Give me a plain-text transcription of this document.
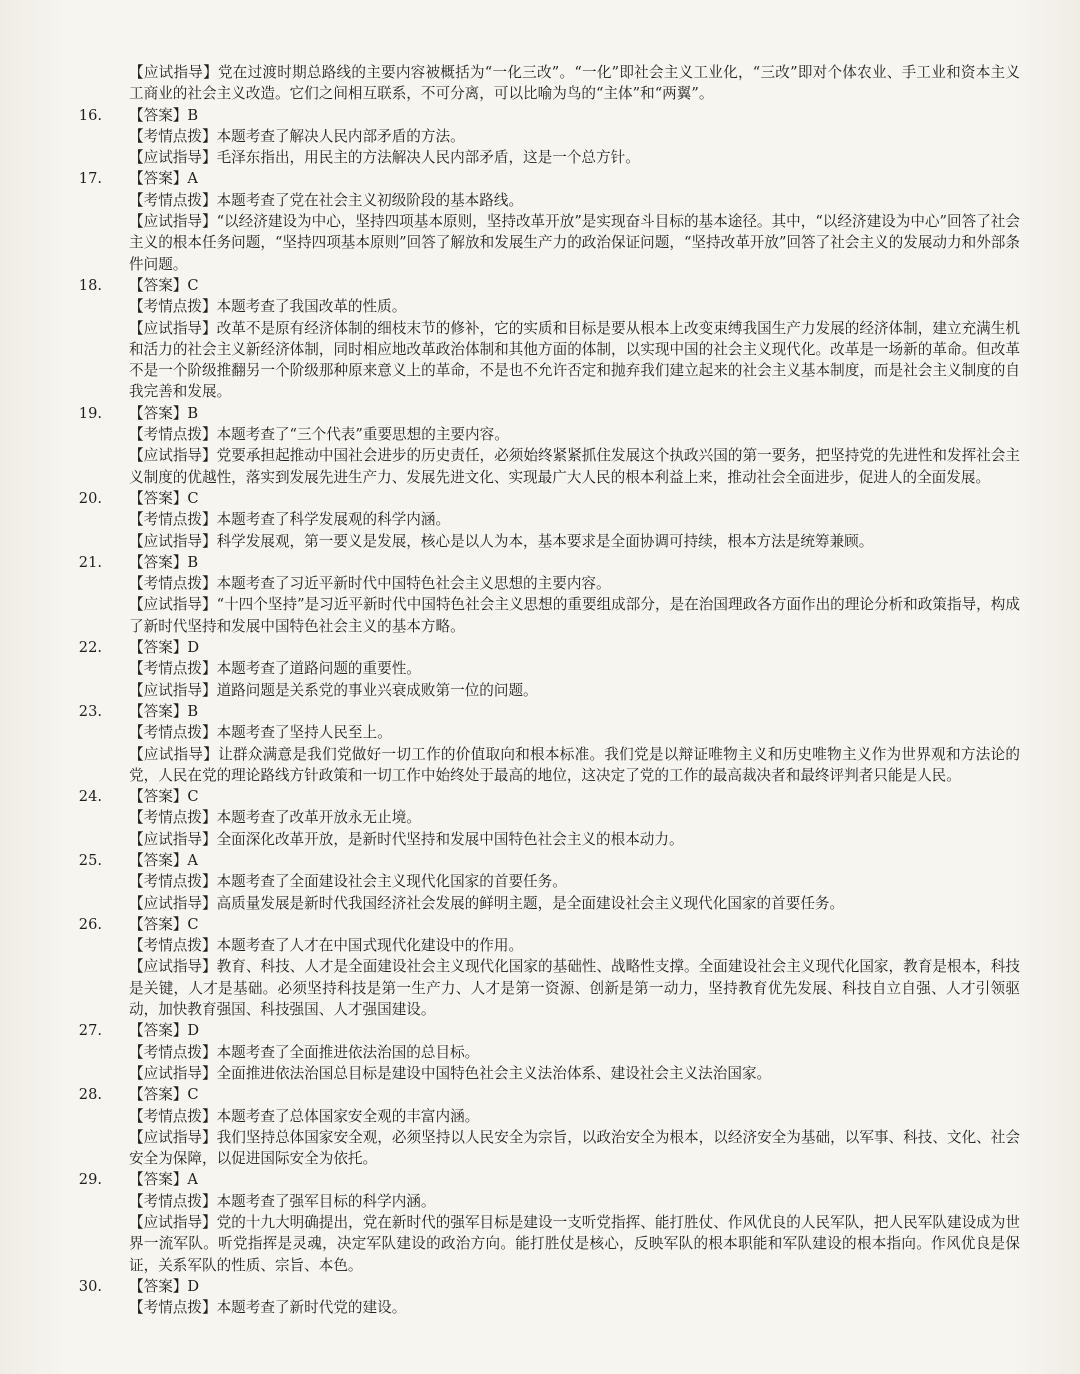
【应试指导】党在过渡时期总路线的主要内容被概括为“一化三改”。“一化”即社会主义工业化，“三改”即对个体农业、手工业和资本主义工商业的社会主义改造。它们之间相互联系，不可分离，可以比喻为鸟的“主体”和“两翼”。
16. 【答案】B
【考情点拨】本题考查了解决人民内部矛盾的方法。
【应试指导】毛泽东指出，用民主的方法解决人民内部矛盾，这是一个总方针。
17. 【答案】A
【考情点拨】本题考查了党在社会主义初级阶段的基本路线。
【应试指导】“以经济建设为中心，坚持四项基本原则，坚持改革开放”是实现奋斗目标的基本途径。其中，“以经济建设为中心”回答了社会主义的根本任务问题，“坚持四项基本原则”回答了解放和发展生产力的政治保证问题，“坚持改革开放”回答了社会主义的发展动力和外部条件问题。
18. 【答案】C
【考情点拨】本题考查了我国改革的性质。
【应试指导】改革不是原有经济体制的细枝末节的修补，它的实质和目标是要从根本上改变束缚我国生产力发展的经济体制，建立充满生机和活力的社会主义新经济体制，同时相应地改革政治体制和其他方面的体制，以实现中国的社会主义现代化。改革是一场新的革命。但改革不是一个阶级推翻另一个阶级那种原来意义上的革命，不是也不允许否定和抛弃我们建立起来的社会主义基本制度，而是社会主义制度的自我完善和发展。
19. 【答案】B
【考情点拨】本题考查了“三个代表”重要思想的主要内容。
【应试指导】党要承担起推动中国社会进步的历史责任，必须始终紧紧抓住发展这个执政兴国的第一要务，把坚持党的先进性和发挥社会主义制度的优越性，落实到发展先进生产力、发展先进文化、实现最广大人民的根本利益上来，推动社会全面进步，促进人的全面发展。
20. 【答案】C
【考情点拨】本题考查了科学发展观的科学内涵。
【应试指导】科学发展观，第一要义是发展，核心是以人为本，基本要求是全面协调可持续，根本方法是统筹兼顾。
21. 【答案】B
【考情点拨】本题考查了习近平新时代中国特色社会主义思想的主要内容。
【应试指导】“十四个坚持”是习近平新时代中国特色社会主义思想的重要组成部分，是在治国理政各方面作出的理论分析和政策指导，构成了新时代坚持和发展中国特色社会主义的基本方略。
22. 【答案】D
【考情点拨】本题考查了道路问题的重要性。
【应试指导】道路问题是关系党的事业兴衰成败第一位的问题。
23. 【答案】B
【考情点拨】本题考查了坚持人民至上。
【应试指导】让群众满意是我们党做好一切工作的价值取向和根本标准。我们党是以辩证唯物主义和历史唯物主义作为世界观和方法论的党，人民在党的理论路线方针政策和一切工作中始终处于最高的地位，这决定了党的工作的最高裁决者和最终评判者只能是人民。
24. 【答案】C
【考情点拨】本题考查了改革开放永无止境。
【应试指导】全面深化改革开放，是新时代坚持和发展中国特色社会主义的根本动力。
25. 【答案】A
【考情点拨】本题考查了全面建设社会主义现代化国家的首要任务。
【应试指导】高质量发展是新时代我国经济社会发展的鲜明主题，是全面建设社会主义现代化国家的首要任务。
26. 【答案】C
【考情点拨】本题考查了人才在中国式现代化建设中的作用。
【应试指导】教育、科技、人才是全面建设社会主义现代化国家的基础性、战略性支撑。全面建设社会主义现代化国家，教育是根本，科技是关键，人才是基础。必须坚持科技是第一生产力、人才是第一资源、创新是第一动力，坚持教育优先发展、科技自立自强、人才引领驱动，加快教育强国、科技强国、人才强国建设。
27. 【答案】D
【考情点拨】本题考查了全面推进依法治国的总目标。
【应试指导】全面推进依法治国总目标是建设中国特色社会主义法治体系、建设社会主义法治国家。
28. 【答案】C
【考情点拨】本题考查了总体国家安全观的丰富内涵。
【应试指导】我们坚持总体国家安全观，必须坚持以人民安全为宗旨，以政治安全为根本，以经济安全为基础，以军事、科技、文化、社会安全为保障，以促进国际安全为依托。
29. 【答案】A
【考情点拨】本题考查了强军目标的科学内涵。
【应试指导】党的十九大明确提出，党在新时代的强军目标是建设一支听党指挥、能打胜仗、作风优良的人民军队，把人民军队建设成为世界一流军队。听党指挥是灵魂，决定军队建设的政治方向。能打胜仗是核心，反映军队的根本职能和军队建设的根本指向。作风优良是保证，关系军队的性质、宗旨、本色。
30. 【答案】D
【考情点拨】本题考查了新时代党的建设。
